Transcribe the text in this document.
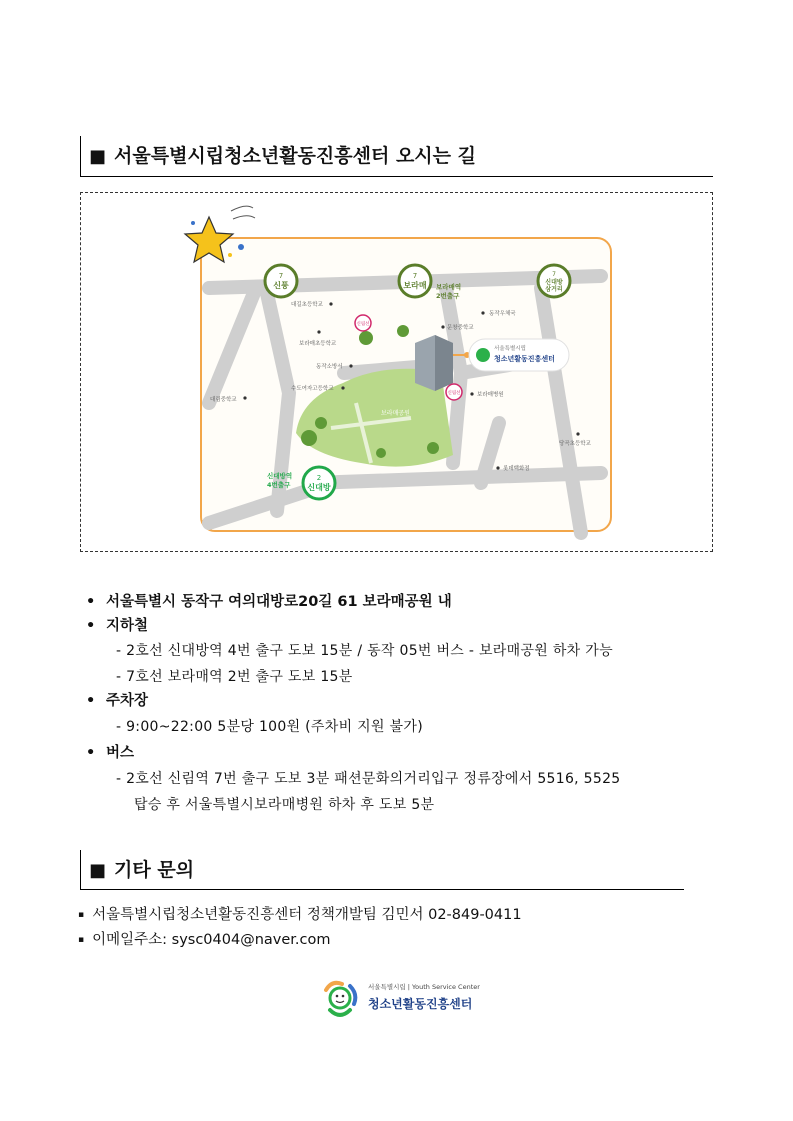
■ 서울특별시립청소년활동진흥센터 오시는 길
서울특별시립
청소년활동진흥센터
7
신풍
7
보라매
7
신대방
삼거리
2
신대방
보라매역
2번출구
신대방역
4번출구
신림선
신림선
대길초등학교
보라매초등학교
동작소방서
수도여자고등학교
대림중학교
동작우체국
문창중학교
보라매병원
당곡초등학교
롯데백화점
보라매공원
• 서울특별시 동작구 여의대방로20길 61 보라매공원 내
• 지하철
- 2호선 신대방역 4번 출구 도보 15분 / 동작 05번 버스 - 보라매공원 하차 가능
- 7호선 보라매역 2번 출구 도보 15분
• 주차장
- 9:00~22:00 5분당 100원 (주차비 지원 불가)
• 버스
- 2호선 신림역 7번 출구 도보 3분 패션문화의거리입구 정류장에서 5516, 5525
탑승 후 서울특별시보라매병원 하차 후 도보 5분
■ 기타 문의
▪ 서울특별시립청소년활동진흥센터 정책개발팀 김민서 02-849-0411
▪ 이메일주소: sysc0404@naver.com
서울특별시립 | Youth Service Center
청소년활동진흥센터
